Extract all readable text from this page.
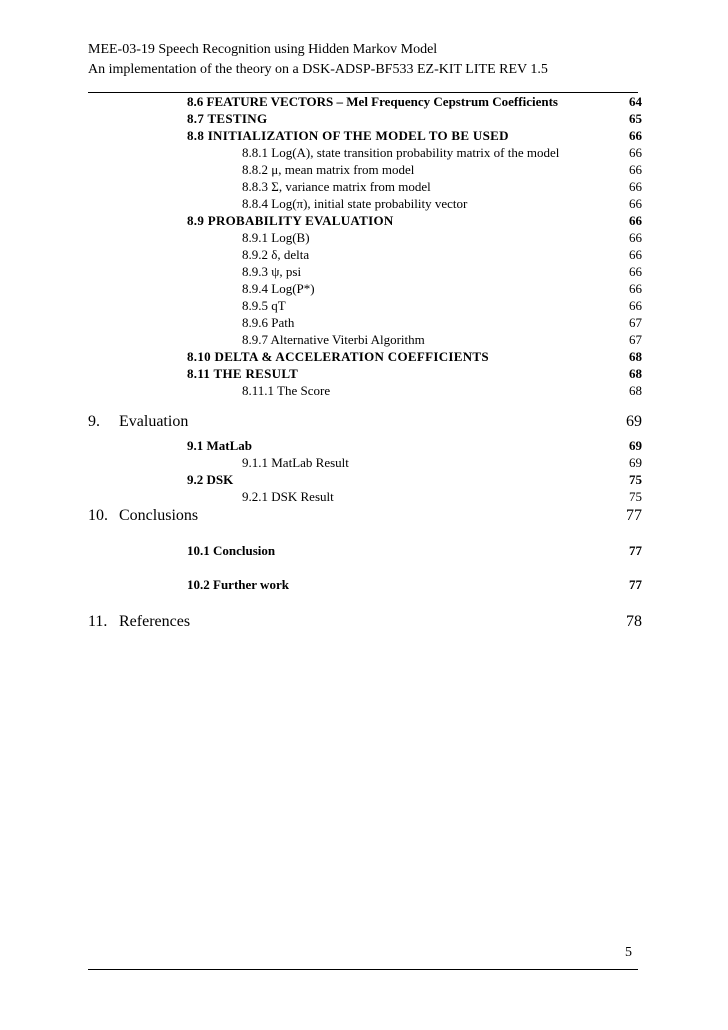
MEE-03-19 Speech Recognition using Hidden Markov Model
An implementation of the theory on a DSK-ADSP-BF533 EZ-KIT LITE REV 1.5
8.6 FEATURE VECTORS – Mel Frequency Cepstrum Coefficients	64
8.7 TESTING	65
8.8 INITIALIZATION OF THE MODEL TO BE USED	66
8.8.1 Log(A), state transition probability matrix of the model	66
8.8.2 μ, mean matrix from model	66
8.8.3 Σ, variance matrix from model	66
8.8.4 Log(π), initial state probability vector	66
8.9 PROBABILITY EVALUATION	66
8.9.1 Log(B)	66
8.9.2 δ, delta	66
8.9.3 ψ, psi	66
8.9.4 Log(P*)	66
8.9.5 qT	66
8.9.6 Path	67
8.9.7 Alternative Viterbi Algorithm	67
8.10 DELTA & ACCELERATION COEFFICIENTS	68
8.11 THE RESULT	68
8.11.1 The Score	68
9. Evaluation	69
9.1 MatLab	69
9.1.1 MatLab Result	69
9.2 DSK	75
9.2.1 DSK Result	75
10. Conclusions	77
10.1 Conclusion	77
10.2 Further work	77
11. References	78
5
